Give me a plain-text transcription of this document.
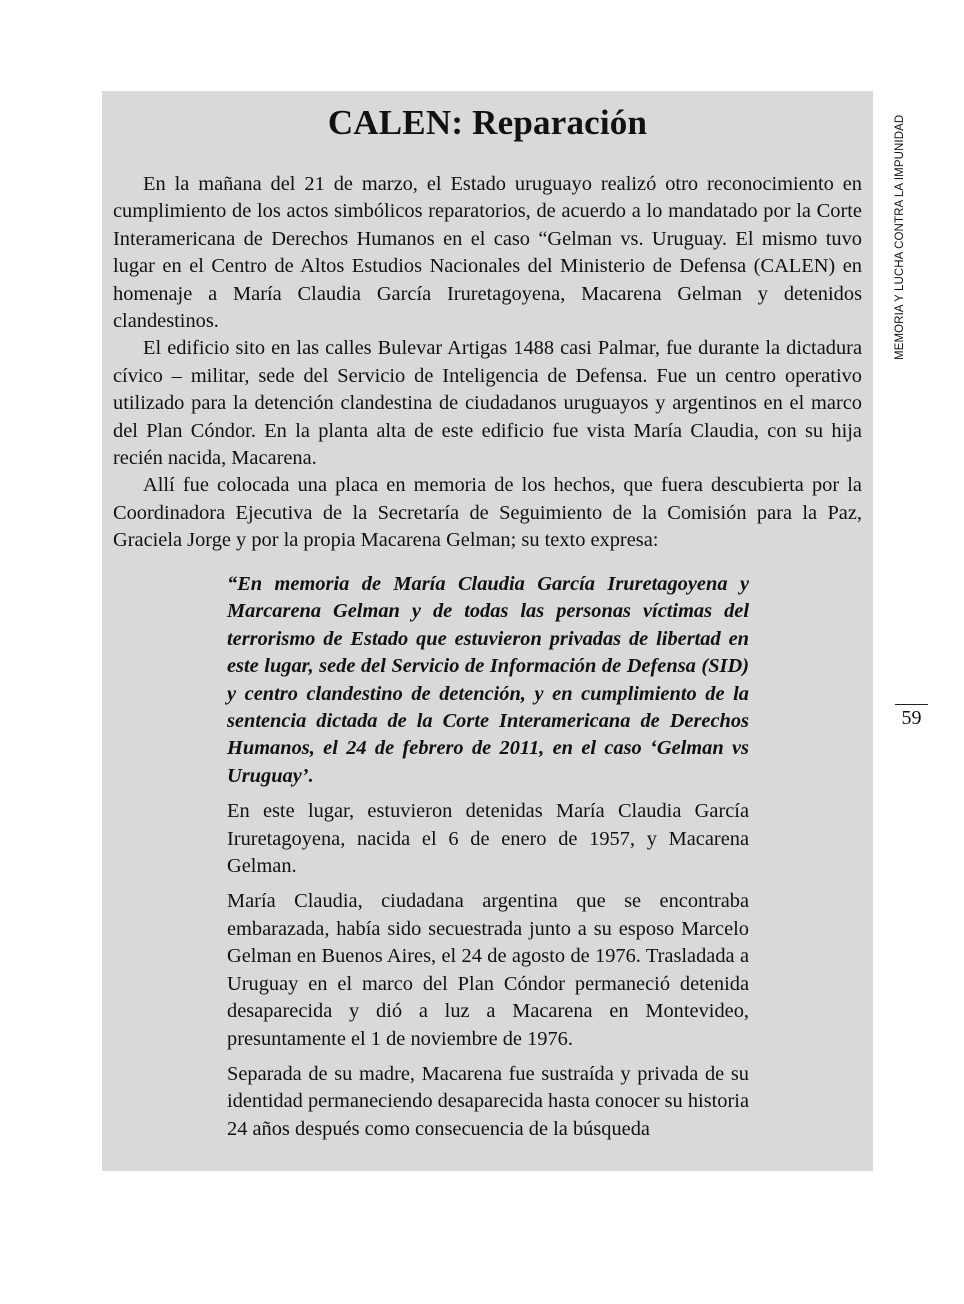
CALEN: Reparación

En la mañana del 21 de marzo, el Estado uruguayo realizó otro reconocimiento en cumplimiento de los actos simbólicos reparatorios, de acuerdo a lo mandatado por la Corte Interamericana de Derechos Humanos en el caso “Gelman vs. Uruguay. El mismo tuvo lugar en el Centro de Altos Estudios Nacionales del Ministerio de Defensa (CALEN) en homenaje a María Claudia García Iruretagoyena, Macarena Gelman y detenidos clandestinos.

El edificio sito en las calles Bulevar Artigas 1488 casi Palmar, fue durante la dictadura cívico – militar, sede del Servicio de Inteligencia de Defensa. Fue un centro operativo utilizado para la detención clandestina de ciudadanos uruguayos y argentinos en el marco del Plan Cóndor. En la planta alta de este edificio fue vista María Claudia, con su hija recién nacida, Macarena.

Allí fue colocada una placa en memoria de los hechos, que fuera descubierta por la Coordinadora Ejecutiva de la Secretaría de Seguimiento de la Comisión para la Paz, Graciela Jorge y por la propia Macarena Gelman; su texto expresa:

“En memoria de María Claudia García Iruretagoyena y Marcarena Gelman y de todas las personas víctimas del terrorismo de Estado que estuvieron privadas de libertad en este lugar, sede del Servicio de Información de Defensa (SID) y centro clandestino de detención, y en cumplimiento de la sentencia dictada de la Corte Interamericana de Derechos Humanos, el 24 de febrero de 2011, en el caso ‘Gelman vs Uruguay’.

En este lugar, estuvieron detenidas María Claudia García Iruretagoyena, nacida el 6 de enero de 1957, y Macarena Gelman.

María Claudia, ciudadana argentina que se encontraba embarazada, había sido secuestrada junto a su esposo Marcelo Gelman en Buenos Aires, el 24 de agosto de 1976. Trasladada a Uruguay en el marco del Plan Cóndor permaneció detenida desaparecida y dió a luz a Macarena en Montevideo, presuntamente el 1 de noviembre de 1976.

Separada de su madre, Macarena fue sustraída y privada de su identidad permaneciendo desaparecida hasta conocer su historia 24 años después como consecuencia de la búsqueda

MEMORIA Y LUCHA CONTRA LA IMPUNIDAD
59
